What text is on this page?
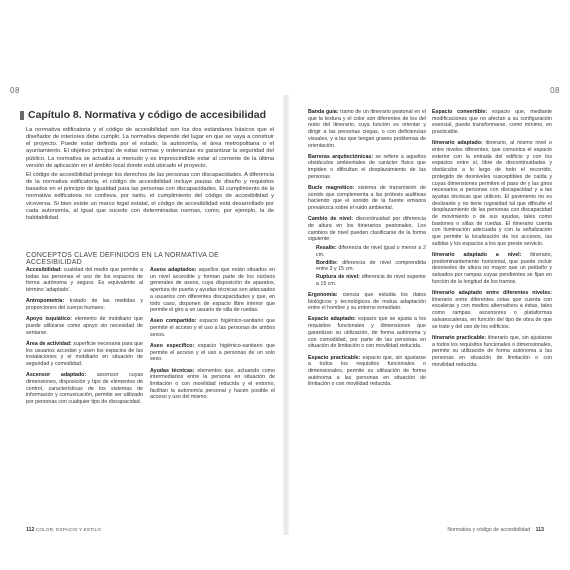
08	08
Capítulo 8. Normativa y código de accesibilidad

La normativa edificatoria y el código de accesibilidad son los dos estándares básicos que el diseñador de interiores debe cumplir. La normativa depende del lugar en que se vaya a construir el proyecto. Puede estar definida por el estado, la autonomía, el área metropolitana o el ayuntamiento. El objetivo principal de estas normas y ordenanzas es garantizar la seguridad del público. La normativa se actualiza a menudo y es imprescindible estar al corriente de la última versión de aplicación en el ámbito local donde está ubicado el proyecto.

El código de accesibilidad protege los derechos de las personas con discapacidades. A diferencia de la normativa edificatoria, el código de accesibilidad incluye pautas de diseño y requisitos basados en el principio de igualdad para las personas con discapacidades. El cumplimiento de la normativa edificatoria no conlleva, por tanto, el cumplimiento del código de accesibilidad y viceversa. Si bien existe un marco legal estatal, el código de accesibilidad está desarrollado por cada autonomía, al igual que sucede con determinadas normas, como, por ejemplo, la de habitabilidad.

CONCEPTOS CLAVE DEFINIDOS EN LA NORMATIVA DE ACCESIBILIDAD
Accesibilidad: cualidad del medio que permite a todas las personas el uso de los espacios de forma autónoma y segura. Es equivalente al término ‘adaptado’.
Antropometría: tratado de las medidas y proporciones del cuerpo humano.
Apoyo isquiático: elemento de mobiliario que puede utilizarse como apoyo sin necesidad de sentarse.
Área de actividad: superficie necesaria para que los usuarios accedan y usen los espacios de las instalaciones y el mobiliario en situación de seguridad y comodidad.
Ascensor adaptado: ascensor cuyas dimensiones, disposición y tipo de elementos de control, características de los sistemas de información y comunicación, permite ser utilizado por personas con cualquier tipo de discapacidad.
Aseos adaptados: aquellos que están situados en un nivel accesible y forman parte de los núcleos generales de aseos, cuya disposición de aparatos, apertura de puerta y ayudas técnicas son adecuados a usuarios con diferentes discapacidades y que, en todo caso, disponen de espacio libre interior que permite el giro a un usuario de silla de ruedas.
Aseo compartido: espacio higiénico-sanitario que permite el acceso y el uso a las personas de ambos sexos.
Aseo específico: espacio higiénico-sanitario que permite el acceso y el uso a personas de un solo sexo.
Ayudas técnicas: elementos que, actuando como intermediarios entre la persona en situación de limitación o con movilidad reducida y el entorno, facilitan la autonomía personal y hacen posible el acceso y uso del mismo.
Banda guía: tramo de un itinerario peatonal en el que la textura y el color son diferentes de los del resto del itinerario, cuya función es orientar y dirigir a las personas ciegas, o con deficiencias visuales, y a las que tengan graves problemas de orientación.
Barreras arquitectónicas: se refiere a aquellos obstáculos ambientales de carácter físico que impiden o dificultan el desplazamiento de las personas.
Bucle magnético: sistema de transmisión de sonido que complementa a las prótesis auditivas haciendo que el sonido de la fuente emisora prevalezca sobre el ruido ambiental.
Cambio de nivel: discontinuidad por diferencia de altura en los itinerarios peatonales. Los cambios de nivel pueden clasificarse de la forma siguiente:
Resalte: diferencia de nivel igual o menor a 2 cm.
Bordillo: diferencia de nivel comprendida entre 3 y 15 cm.
Ruptura de nivel: diferencia de nivel superior a 15 cm.
Ergonomía: ciencia que estudia los datos biológicos y tecnológicos de mutua adaptación entre el hombre y su entorno inmediato.
Espacio adaptado: espacio que se ajusta a los requisitos funcionales y dimensiones que garantizan su utilización, de forma autónoma y con comodidad, por parte de las personas en situación de limitación o con movilidad reducida.
Espacio practicable: espacio que, sin ajustarse a todos los requisitos funcionales o dimensionales, permite su utilización de forma autónoma a las personas en situación de limitación o con movilidad reducida.
Espacio convertible: espacio que, mediante modificaciones que no afectan a su configuración esencial, puede transformarse, como mínimo, en practicable.
Itinerario adaptado: itinerario, al mismo nivel o entre niveles diferentes, que comunica el espacio exterior con la entrada del edificio y con los espacios entre sí, libre de discontinuidades y obstáculos a lo largo de todo el recorrido, protegido de desniveles susceptibles de caída y cuyas dimensiones permiten el paso de y las giros necesarios a personas con discapacidad y a las ayudas técnicas que utilicen. El pavimento no es deslizante y no tiene rugosidad tal que dificulte el desplazamiento de las personas con discapacidad de movimiento o de sus ayudas, tales como bastones o sillas de ruedas. El itinerario cuenta con iluminación adecuada y con la señalización que permite la localización de los accesos, las salidas y los espacios a los que preste servicio.
Itinerario adaptado a nivel: itinerario, predominantemente horizontal, que puede incluir desniveles de altura no mayor que un peldaño y salvados por rampas cuyas pendientes se fijan en función de la longitud de los tramos.
Itinerario adaptado entre diferentes niveles: itinerario entre diferentes cotas que cuenta con escaleras y con medios alternativos a éstas, tales como rampas, ascensores o plataformas salvaescaleras, en función del tipo de obra de que se trate y del uso de los edificios.
Itinerario practicable: itinerario que, sin ajustarse a todos los requisitos funcionales o dimensionales, permite su utilización de forma autónoma a las personas en situación de limitación o con movilidad reducida.
112 COLOR, ESPACIO Y ESTILO	Normativa y código de accesibilidad 113
